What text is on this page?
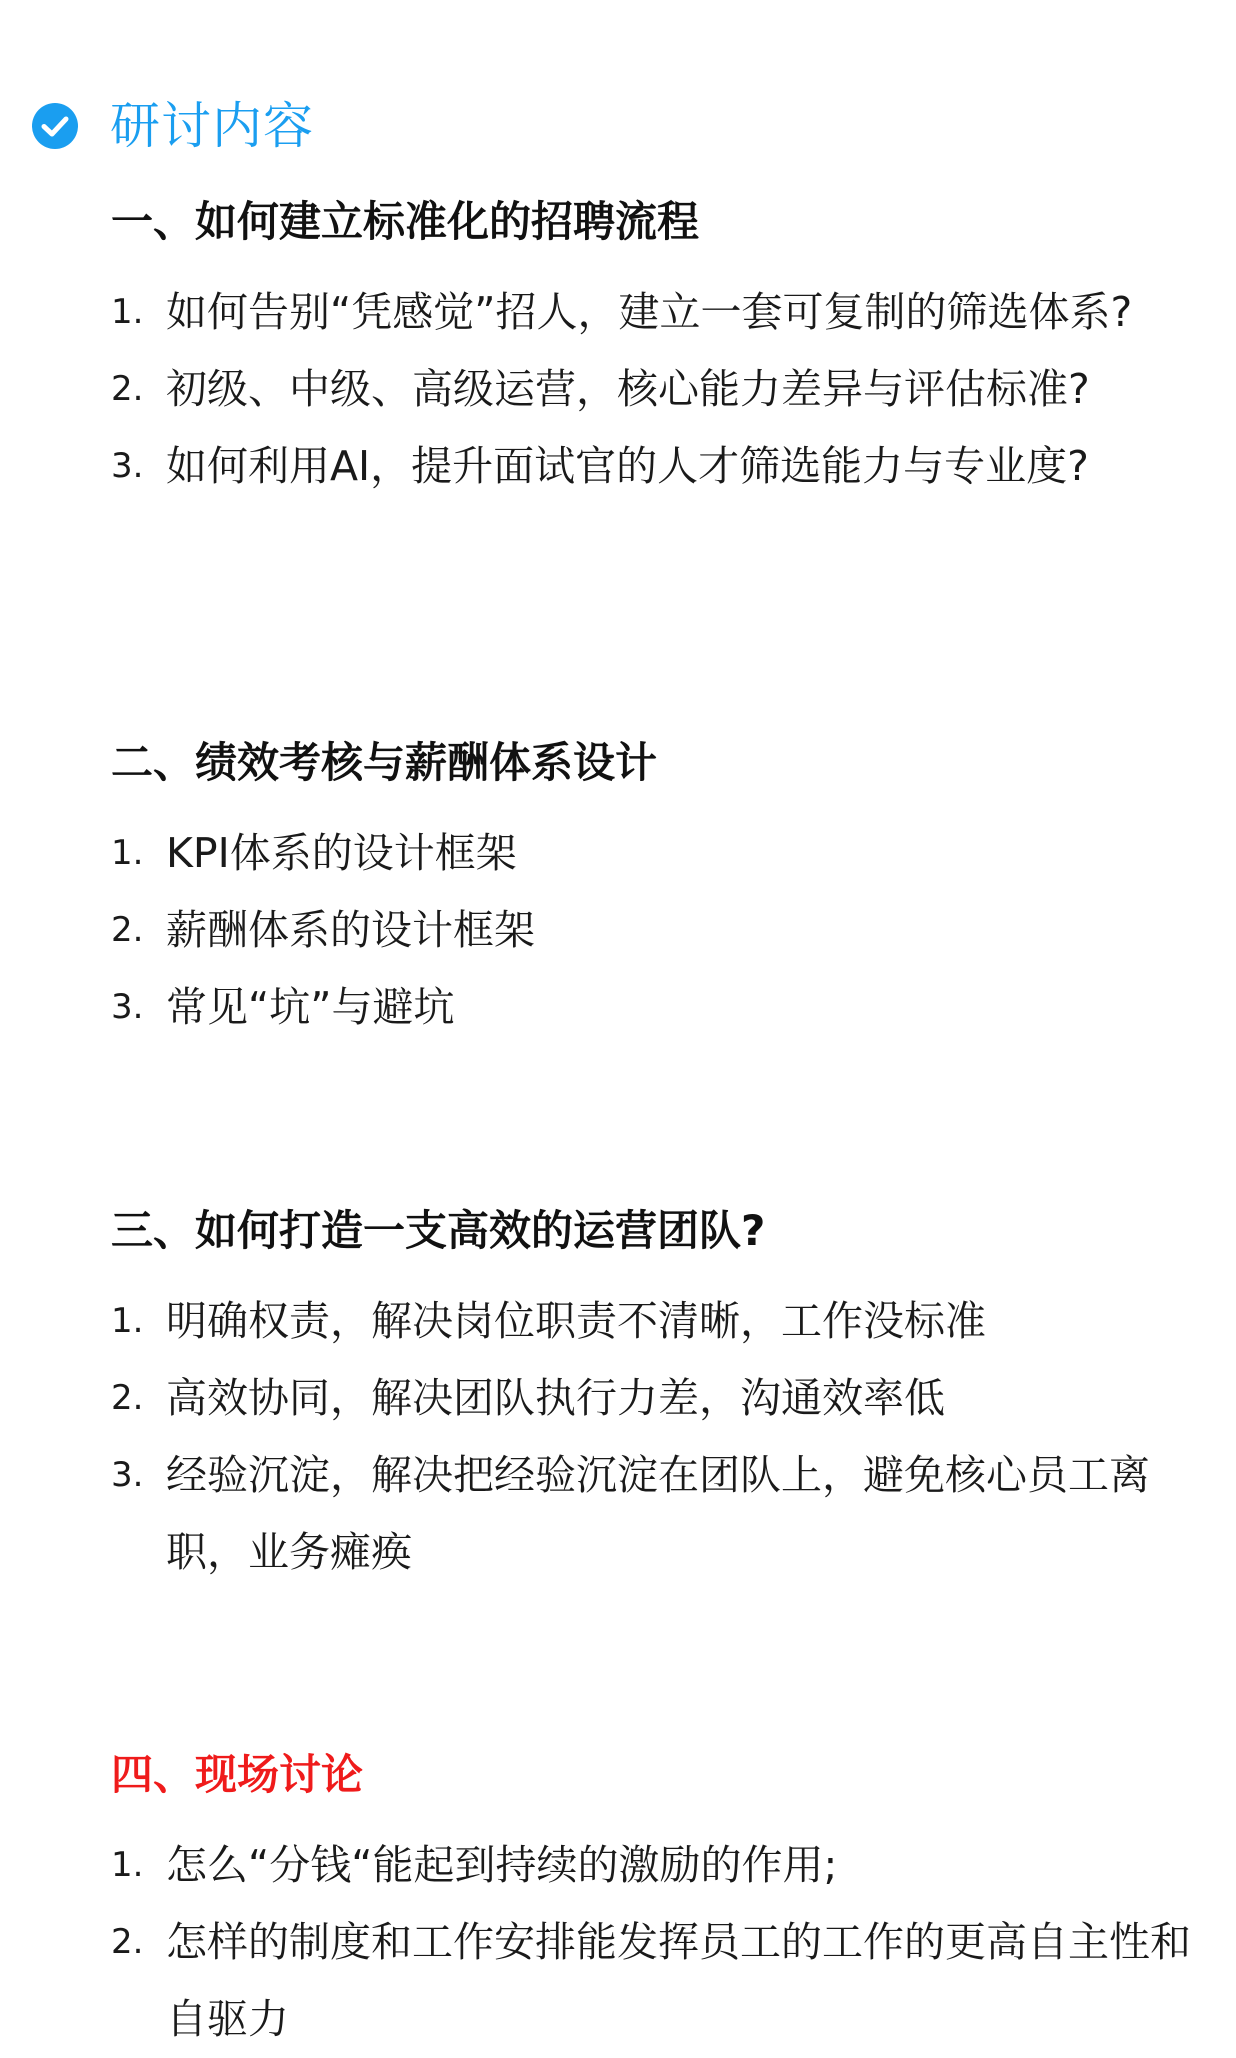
研讨内容
一、如何建立标准化的招聘流程
1. 如何告别“凭感觉”招人，建立一套可复制的筛选体系?
2. 初级、中级、高级运营，核心能力差异与评估标准?
3. 如何利用AI，提升面试官的人才筛选能力与专业度?
二、绩效考核与薪酬体系设计
1. KPI体系的设计框架
2. 薪酬体系的设计框架
3. 常见“坑”与避坑
三、如何打造一支高效的运营团队?
1. 明确权责，解决岗位职责不清晰，工作没标准
2. 高效协同，解决团队执行力差，沟通效率低
3. 经验沉淀，解决把经验沉淀在团队上，避免核心员工离职，业务瘫痪
四、现场讨论
1. 怎么“分钱“能起到持续的激励的作用;
2. 怎样的制度和工作安排能发挥员工的工作的更高自主性和自驱力
